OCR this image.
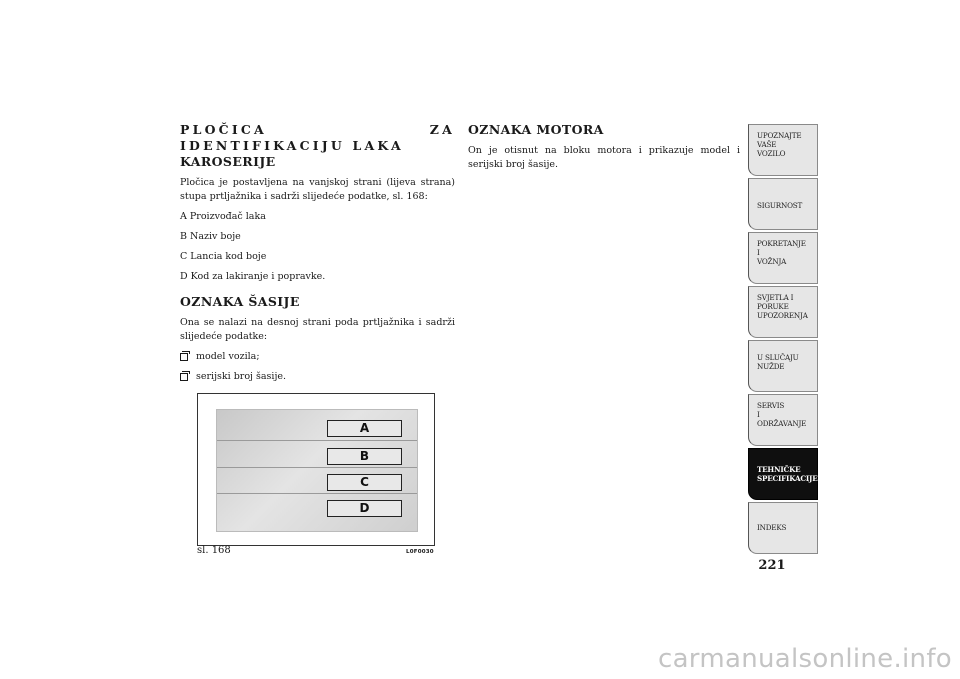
PLOČICA ZA IDENTIFIKACIJU LAKA
KAROSERIJE

Pločica je postavljena na vanjskoj strani (lijeva strana) stupa prtljažnika i sadrži slijedeće podatke, sl. 168:

A Proizvođač laka
B Naziv boje
C Lancia kod boje
D Kod za lakiranje i popravke.
OZNAKA ŠASIJE

Ona se nalazi na desnoj strani poda prtljažnika i sadrži slijedeće podatke:

model vozila;
serijski broj šasije.
OZNAKA MOTORA

On je otisnut na bloku motora i prikazuje model i serijski broj šasije.

A
B
C
D
sl. 168	L0F0030
UPOZNAJTE
VAŠE
VOZILO
SIGURNOST
POKRETANJE
I
VOŽNJA
SVJETLA I
PORUKE
UPOZORENJA
U SLUČAJU
NUŽDE
SERVIS
I
ODRŽAVANJE
TEHNIČKE
SPECIFIKACIJE
INDEKS
221
carmanualsonline.info
